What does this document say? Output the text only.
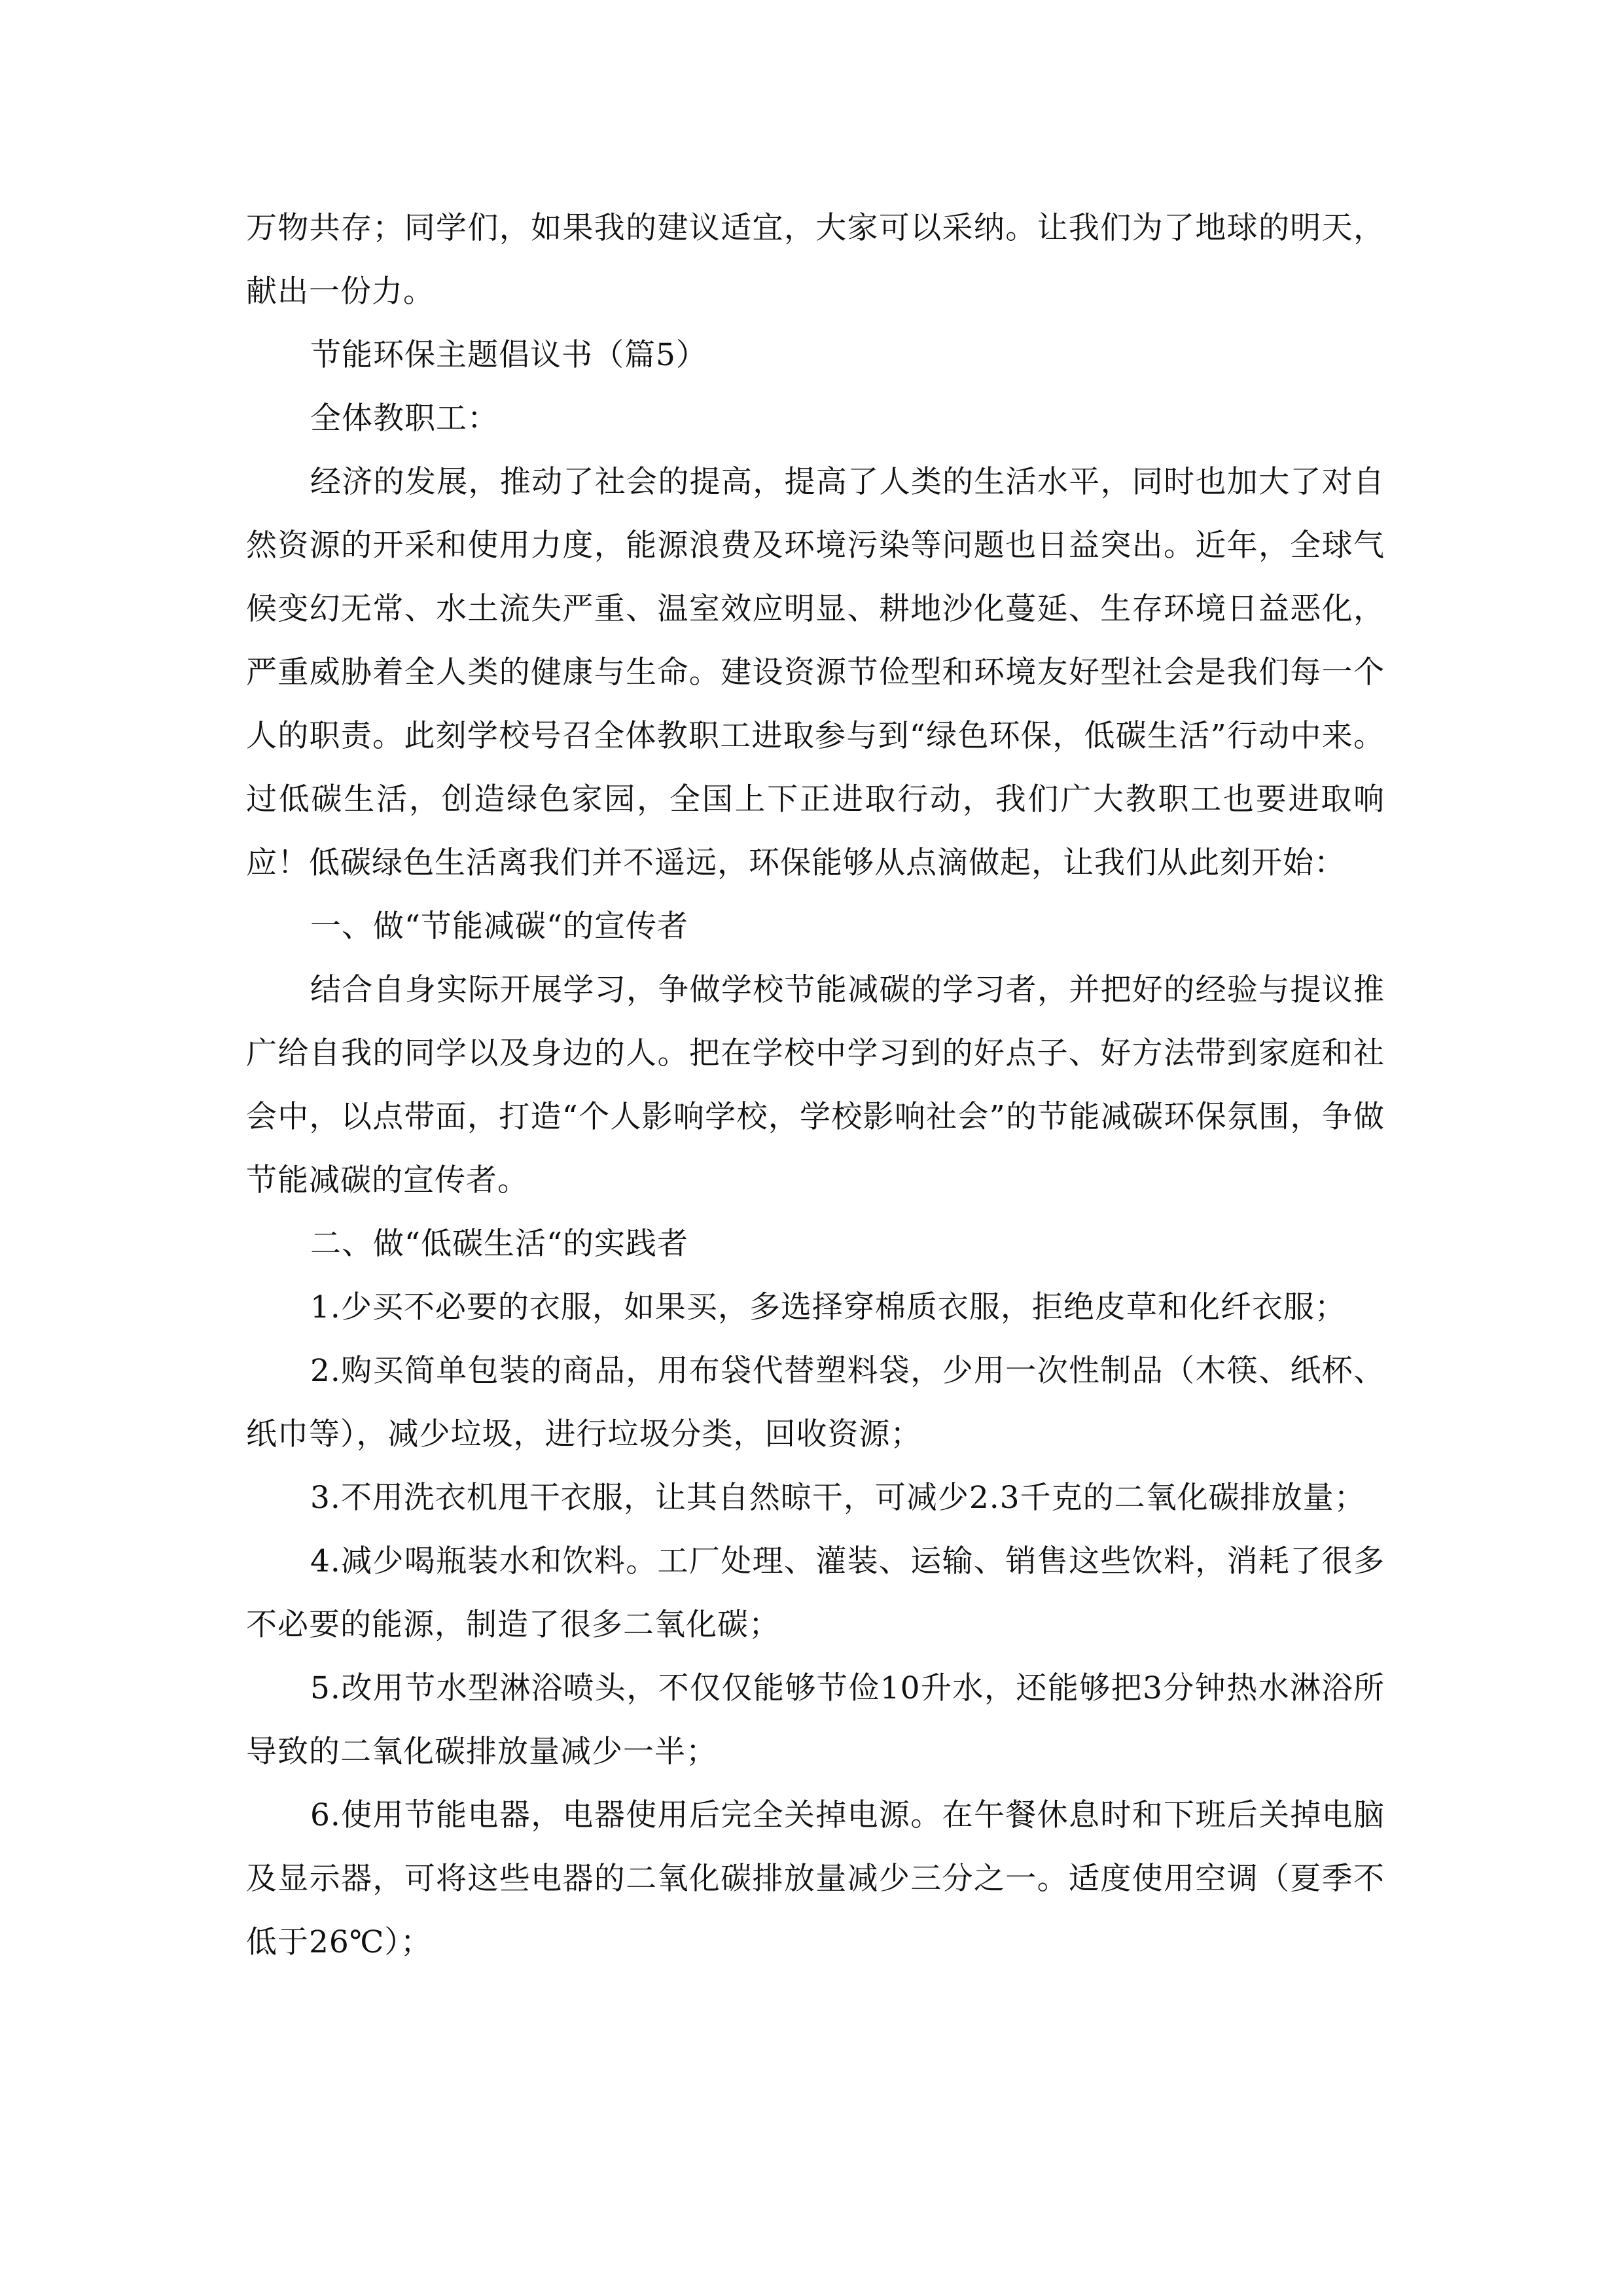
万物共存；同学们，如果我的建议适宜，大家可以采纳。让我们为了地球的明天，献出一份力。

节能环保主题倡议书（篇5）

全体教职工：

经济的发展，推动了社会的提高，提高了人类的生活水平，同时也加大了对自然资源的开采和使用力度，能源浪费及环境污染等问题也日益突出。近年，全球气候变幻无常、水土流失严重、温室效应明显、耕地沙化蔓延、生存环境日益恶化，严重威胁着全人类的健康与生命。建设资源节俭型和环境友好型社会是我们每一个人的职责。此刻学校号召全体教职工进取参与到“绿色环保，低碳生活”行动中来。过低碳生活，创造绿色家园，全国上下正进取行动，我们广大教职工也要进取响应！低碳绿色生活离我们并不遥远，环保能够从点滴做起，让我们从此刻开始：

一、做“节能减碳“的宣传者

结合自身实际开展学习，争做学校节能减碳的学习者，并把好的经验与提议推广给自我的同学以及身边的人。把在学校中学习到的好点子、好方法带到家庭和社会中，以点带面，打造“个人影响学校，学校影响社会”的节能减碳环保氛围，争做节能减碳的宣传者。

二、做“低碳生活“的实践者

1.少买不必要的衣服，如果买，多选择穿棉质衣服，拒绝皮草和化纤衣服；

2.购买简单包装的商品，用布袋代替塑料袋，少用一次性制品（木筷、纸杯、纸巾等），减少垃圾，进行垃圾分类，回收资源；

3.不用洗衣机甩干衣服，让其自然晾干，可减少2.3千克的二氧化碳排放量；

4.减少喝瓶装水和饮料。工厂处理、灌装、运输、销售这些饮料，消耗了很多不必要的能源，制造了很多二氧化碳；

5.改用节水型淋浴喷头，不仅仅能够节俭10升水，还能够把3分钟热水淋浴所导致的二氧化碳排放量减少一半；

6.使用节能电器，电器使用后完全关掉电源。在午餐休息时和下班后关掉电脑及显示器，可将这些电器的二氧化碳排放量减少三分之一。适度使用空调（夏季不低于26℃）；
